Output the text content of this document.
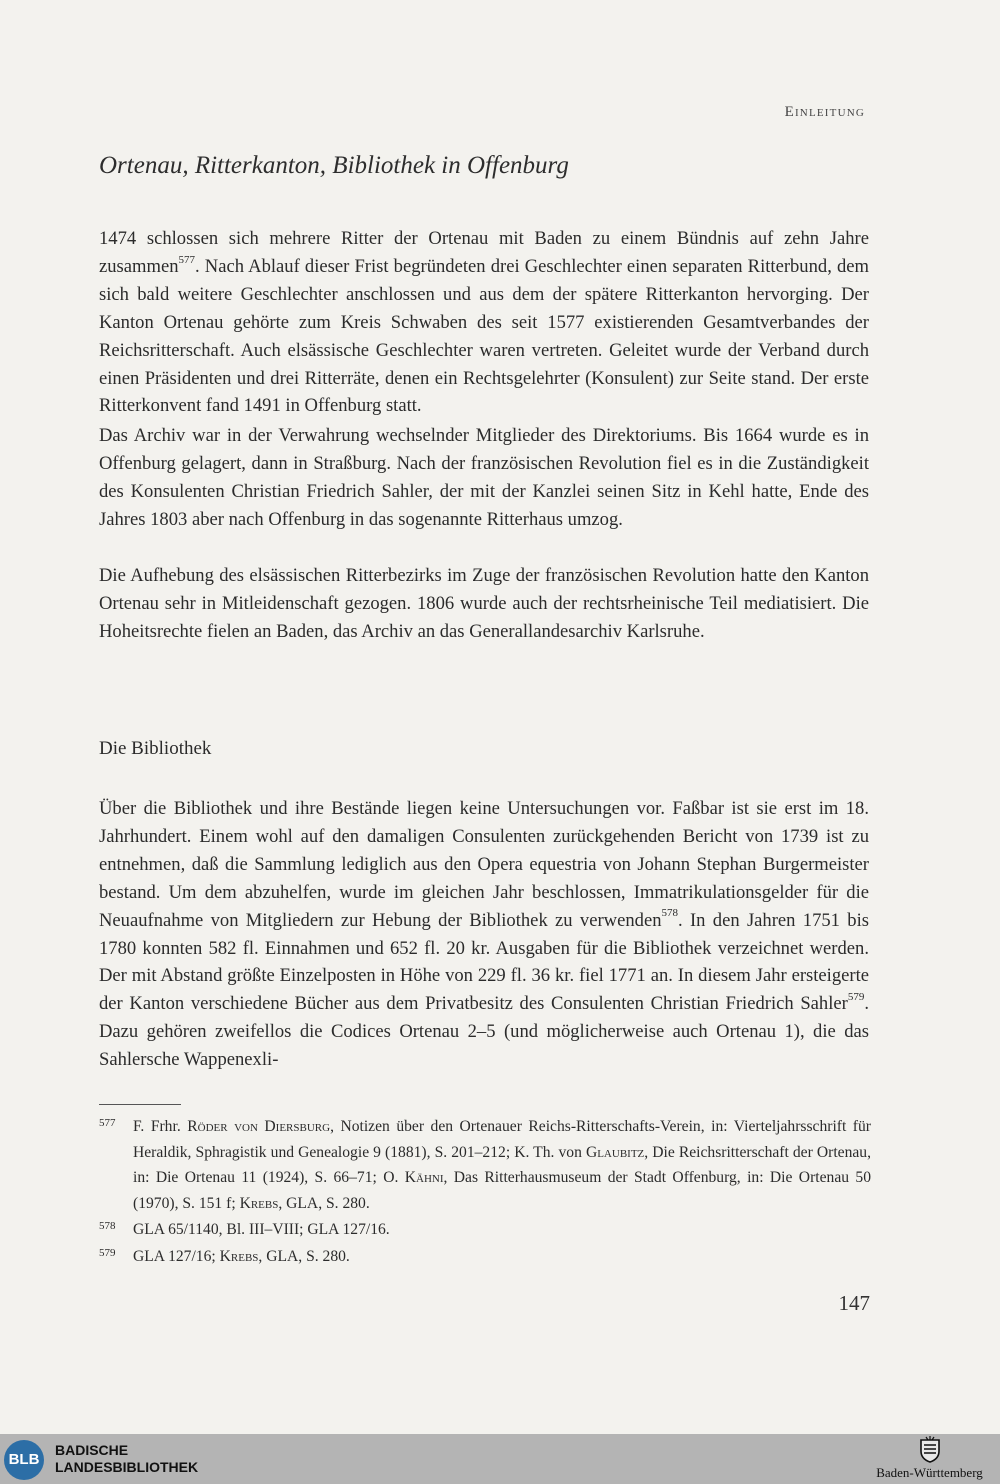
Einleitung
Ortenau, Ritterkanton, Bibliothek in Offenburg
1474 schlossen sich mehrere Ritter der Ortenau mit Baden zu einem Bündnis auf zehn Jahre zusammen$^{577}$. Nach Ablauf dieser Frist begründeten drei Geschlechter einen separaten Ritterbund, dem sich bald weitere Geschlechter anschlossen und aus dem der spätere Ritterkanton hervorging. Der Kanton Ortenau gehörte zum Kreis Schwaben des seit 1577 existierenden Gesamtverbandes der Reichsritterschaft. Auch elsässische Geschlechter waren vertreten. Geleitet wurde der Verband durch einen Präsidenten und drei Ritterräte, denen ein Rechtsgelehrter (Konsulent) zur Seite stand. Der erste Ritterkonvent fand 1491 in Offenburg statt.
Das Archiv war in der Verwahrung wechselnder Mitglieder des Direktoriums. Bis 1664 wurde es in Offenburg gelagert, dann in Straßburg. Nach der französischen Revolution fiel es in die Zuständigkeit des Konsulenten Christian Friedrich Sahler, der mit der Kanzlei seinen Sitz in Kehl hatte, Ende des Jahres 1803 aber nach Offenburg in das sogenannte Ritterhaus umzog.
Die Aufhebung des elsässischen Ritterbezirks im Zuge der französischen Revolution hatte den Kanton Ortenau sehr in Mitleidenschaft gezogen. 1806 wurde auch der rechtsrheinische Teil mediatisiert. Die Hoheitsrechte fielen an Baden, das Archiv an das Generallandesarchiv Karlsruhe.
Die Bibliothek
Über die Bibliothek und ihre Bestände liegen keine Untersuchungen vor. Faßbar ist sie erst im 18. Jahrhundert. Einem wohl auf den damaligen Consulenten zurückgehenden Bericht von 1739 ist zu entnehmen, daß die Sammlung lediglich aus den Opera equestria von Johann Stephan Burgermeister bestand. Um dem abzuhelfen, wurde im gleichen Jahr beschlossen, Immatrikulationsgelder für die Neuaufnahme von Mitgliedern zur Hebung der Bibliothek zu verwenden$^{578}$. In den Jahren 1751 bis 1780 konnten 582 fl. Einnahmen und 652 fl. 20 kr. Ausgaben für die Bibliothek verzeichnet werden. Der mit Abstand größte Einzelposten in Höhe von 229 fl. 36 kr. fiel 1771 an. In diesem Jahr ersteigerte der Kanton verschiedene Bücher aus dem Privatbesitz des Consulenten Christian Friedrich Sahler$^{579}$. Dazu gehören zweifellos die Codices Ortenau 2–5 (und möglicherweise auch Ortenau 1), die das Sahlersche Wappenexli-
577	F. Frhr. Röder von Diersburg, Notizen über den Ortenauer Reichs-Ritterschafts-Verein, in: Vierteljahrsschrift für Heraldik, Sphragistik und Genealogie 9 (1881), S. 201–212; K. Th. von Glaubitz, Die Reichsritterschaft der Ortenau, in: Die Ortenau 11 (1924), S. 66–71; O. Kähni, Das Ritterhausmuseum der Stadt Offenburg, in: Die Ortenau 50 (1970), S. 151 f; Krebs, GLA, S. 280.
578	GLA 65/1140, Bl. III–VIII; GLA 127/16.
579	GLA 127/16; Krebs, GLA, S. 280.
147
BLB
BADISCHE
LANDESBIBLIOTHEK	Baden-Württemberg
